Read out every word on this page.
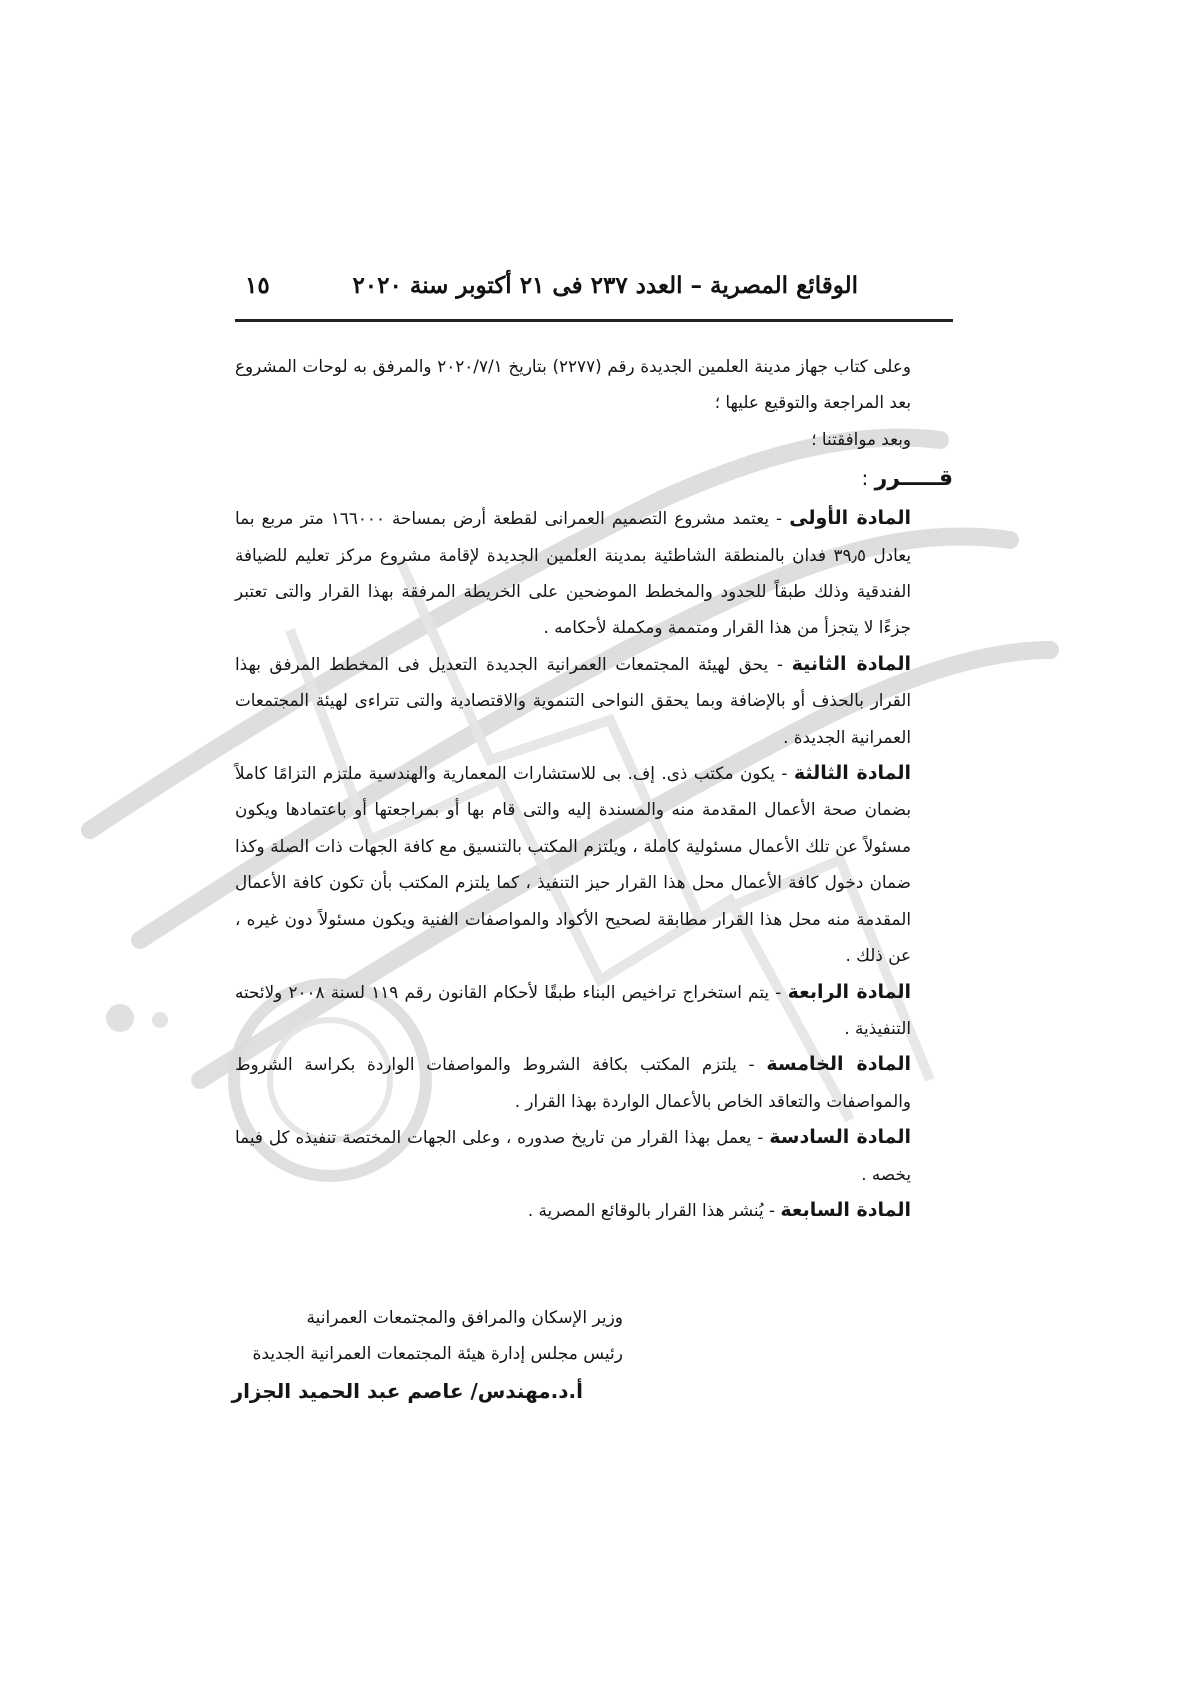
الوقائع المصرية – العدد ٢٣٧ فى ٢١ أكتوبر سنة ٢٠٢٠
١٥

وعلى كتاب جهاز مدينة العلمين الجديدة رقم (٢٢٧٧) بتاريخ ٢٠٢٠/٧/١ والمرفق به لوحات المشروع بعد المراجعة والتوقيع عليها ؛

وبعد موافقتنا ؛

قـــــرر :

المادة الأولى - يعتمد مشروع التصميم العمرانى لقطعة أرض بمساحة ١٦٦٠٠٠ متر مربع بما يعادل ٣٩٫٥ فدان بالمنطقة الشاطئية بمدينة العلمين الجديدة لإقامة مشروع مركز تعليم للضيافة الفندقية وذلك طبقاً للحدود والمخطط الموضحين على الخريطة المرفقة بهذا القرار والتى تعتبر جزءًا لا يتجزأ من هذا القرار ومتممة ومكملة لأحكامه .

المادة الثانية - يحق لهيئة المجتمعات العمرانية الجديدة التعديل فى المخطط المرفق بهذا القرار بالحذف أو بالإضافة وبما يحقق النواحى التنموية والاقتصادية والتى تتراءى لهيئة المجتمعات العمرانية الجديدة .

المادة الثالثة - يكون مكتب ذى. إف. بى للاستشارات المعمارية والهندسية ملتزم التزامًا كاملاً بضمان صحة الأعمال المقدمة منه والمسندة إليه والتى قام بها أو بمراجعتها أو باعتمادها ويكون مسئولاً عن تلك الأعمال مسئولية كاملة ، ويلتزم المكتب بالتنسيق مع كافة الجهات ذات الصلة وكذا ضمان دخول كافة الأعمال محل هذا القرار حيز التنفيذ ، كما يلتزم المكتب بأن تكون كافة الأعمال المقدمة منه محل هذا القرار مطابقة لصحيح الأكواد والمواصفات الفنية ويكون مسئولاً دون غيره ، عن ذلك .

المادة الرابعة - يتم استخراج تراخيص البناء طبقًا لأحكام القانون رقم ١١٩ لسنة ٢٠٠٨ ولائحته التنفيذية .

المادة الخامسة - يلتزم المكتب بكافة الشروط والمواصفات الواردة بكراسة الشروط والمواصفات والتعاقد الخاص بالأعمال الواردة بهذا القرار .

المادة السادسة - يعمل بهذا القرار من تاريخ صدوره ، وعلى الجهات المختصة تنفيذه كل فيما يخصه .

المادة السابعة - يُنشر هذا القرار بالوقائع المصرية .

وزير الإسكان والمرافق والمجتمعات العمرانية

رئيس مجلس إدارة هيئة المجتمعات العمرانية الجديدة

أ.د.مهندس/ عاصم عبد الحميد الجزار
